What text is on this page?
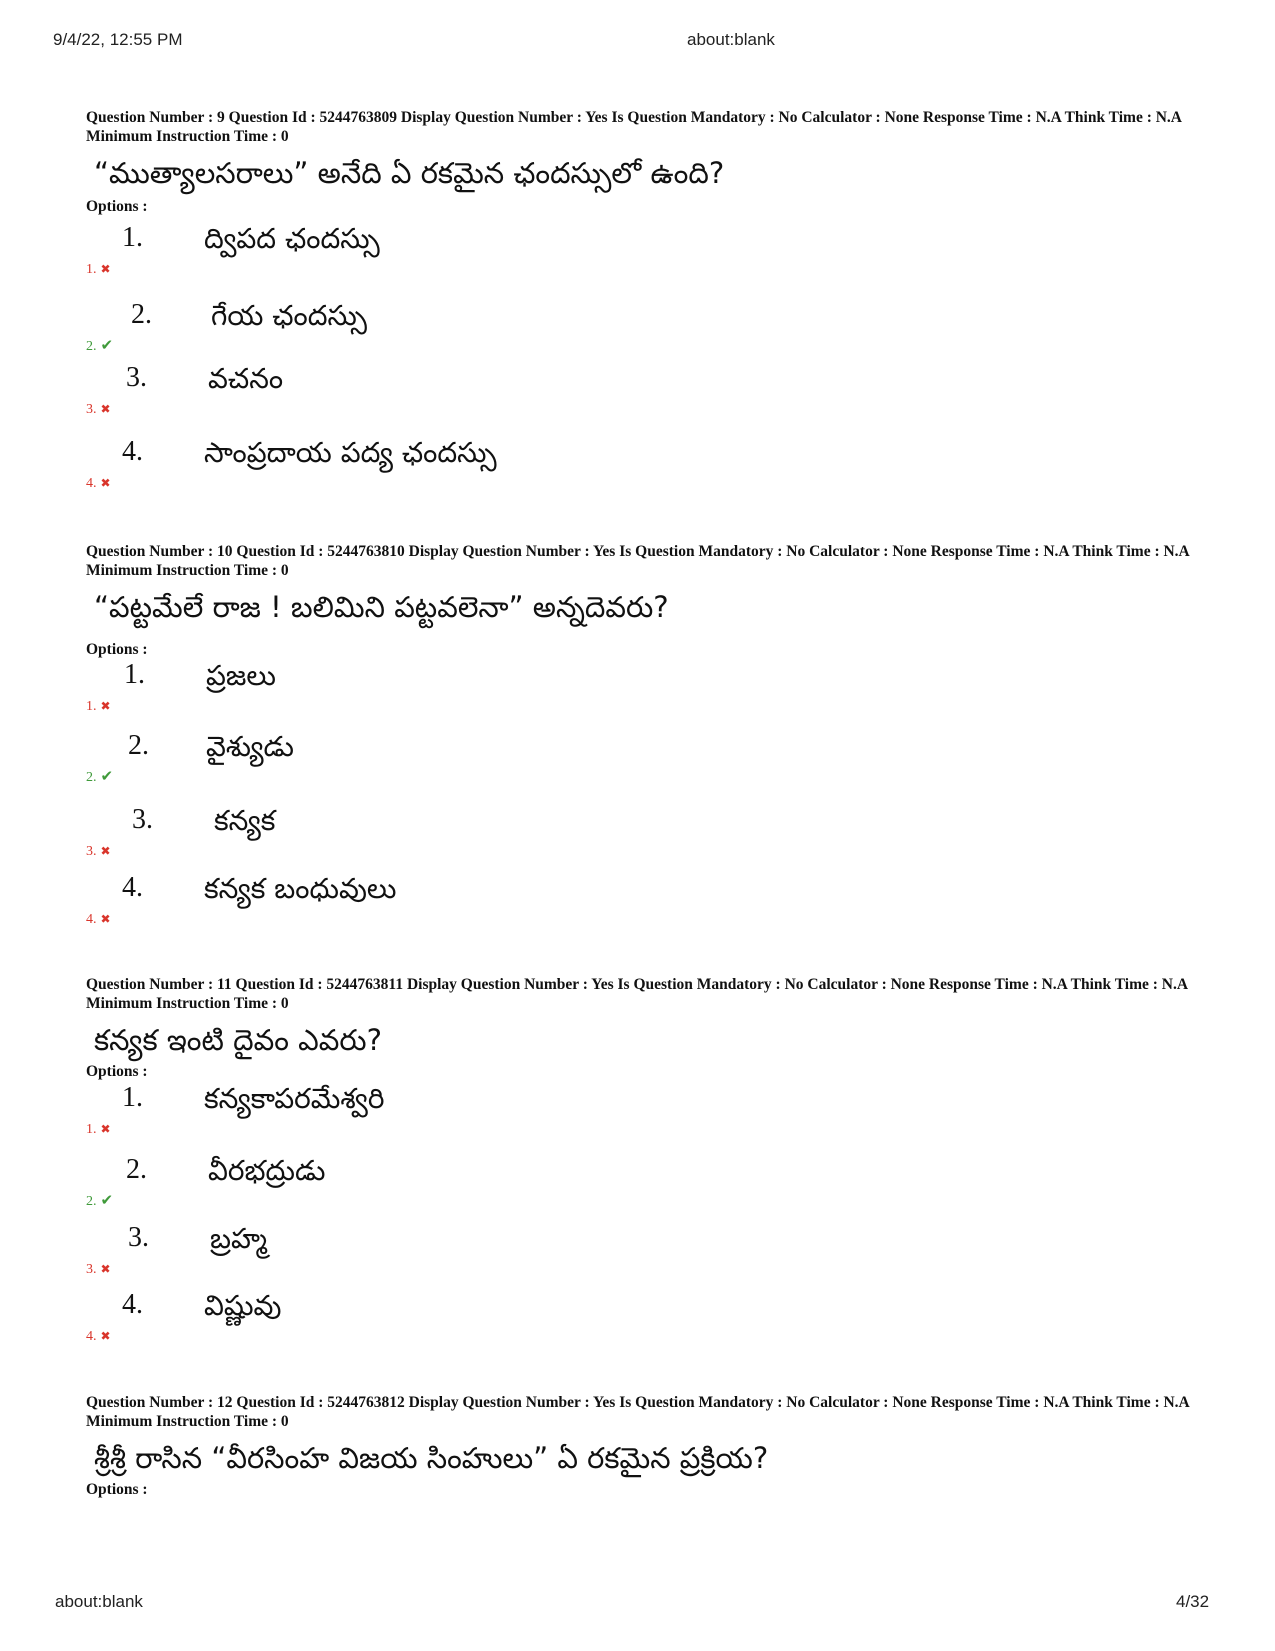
9/4/22, 12:55 PM	about:blank

Question Number : 9 Question Id : 5244763809 Display Question Number : Yes Is Question Mandatory : No Calculator : None Response Time : N.A Think Time : N.A Minimum Instruction Time : 0

“ముత్యాలసరాలు” అనేది ఏ రకమైన ఛందస్సులో ఉంది?

Options :

1. ✖
1. ద్విపద ఛందస్సు
2. ✔
2. గేయ ఛందస్సు
3. ✖
3. వచనం
4. ✖
4. సాంప్రదాయ పద్య ఛందస్సు

Question Number : 10 Question Id : 5244763810 Display Question Number : Yes Is Question Mandatory : No Calculator : None Response Time : N.A Think Time : N.A Minimum Instruction Time : 0

“పట్టమేలే రాజ ! బలిమిని పట్టవలెనా” అన్నదెవరు?

Options :

1. ✖
1. ప్రజలు
2. ✔
2. వైశ్యుడు
3. ✖
3. కన్యక
4. ✖
4. కన్యక బంధువులు

Question Number : 11 Question Id : 5244763811 Display Question Number : Yes Is Question Mandatory : No Calculator : None Response Time : N.A Think Time : N.A Minimum Instruction Time : 0

కన్యక ఇంటి దైవం ఎవరు?

Options :

1. ✖
1. కన్యకాపరమేశ్వరి
2. ✔
2. వీరభద్రుడు
3. ✖
3. బ్రహ్మ
4. ✖
4. విష్ణువు

Question Number : 12 Question Id : 5244763812 Display Question Number : Yes Is Question Mandatory : No Calculator : None Response Time : N.A Think Time : N.A Minimum Instruction Time : 0

శ్రీశ్రీ రాసిన “వీరసింహ విజయ సింహులు” ఏ రకమైన ప్రక్రియ?

Options :

about:blank	4/32
